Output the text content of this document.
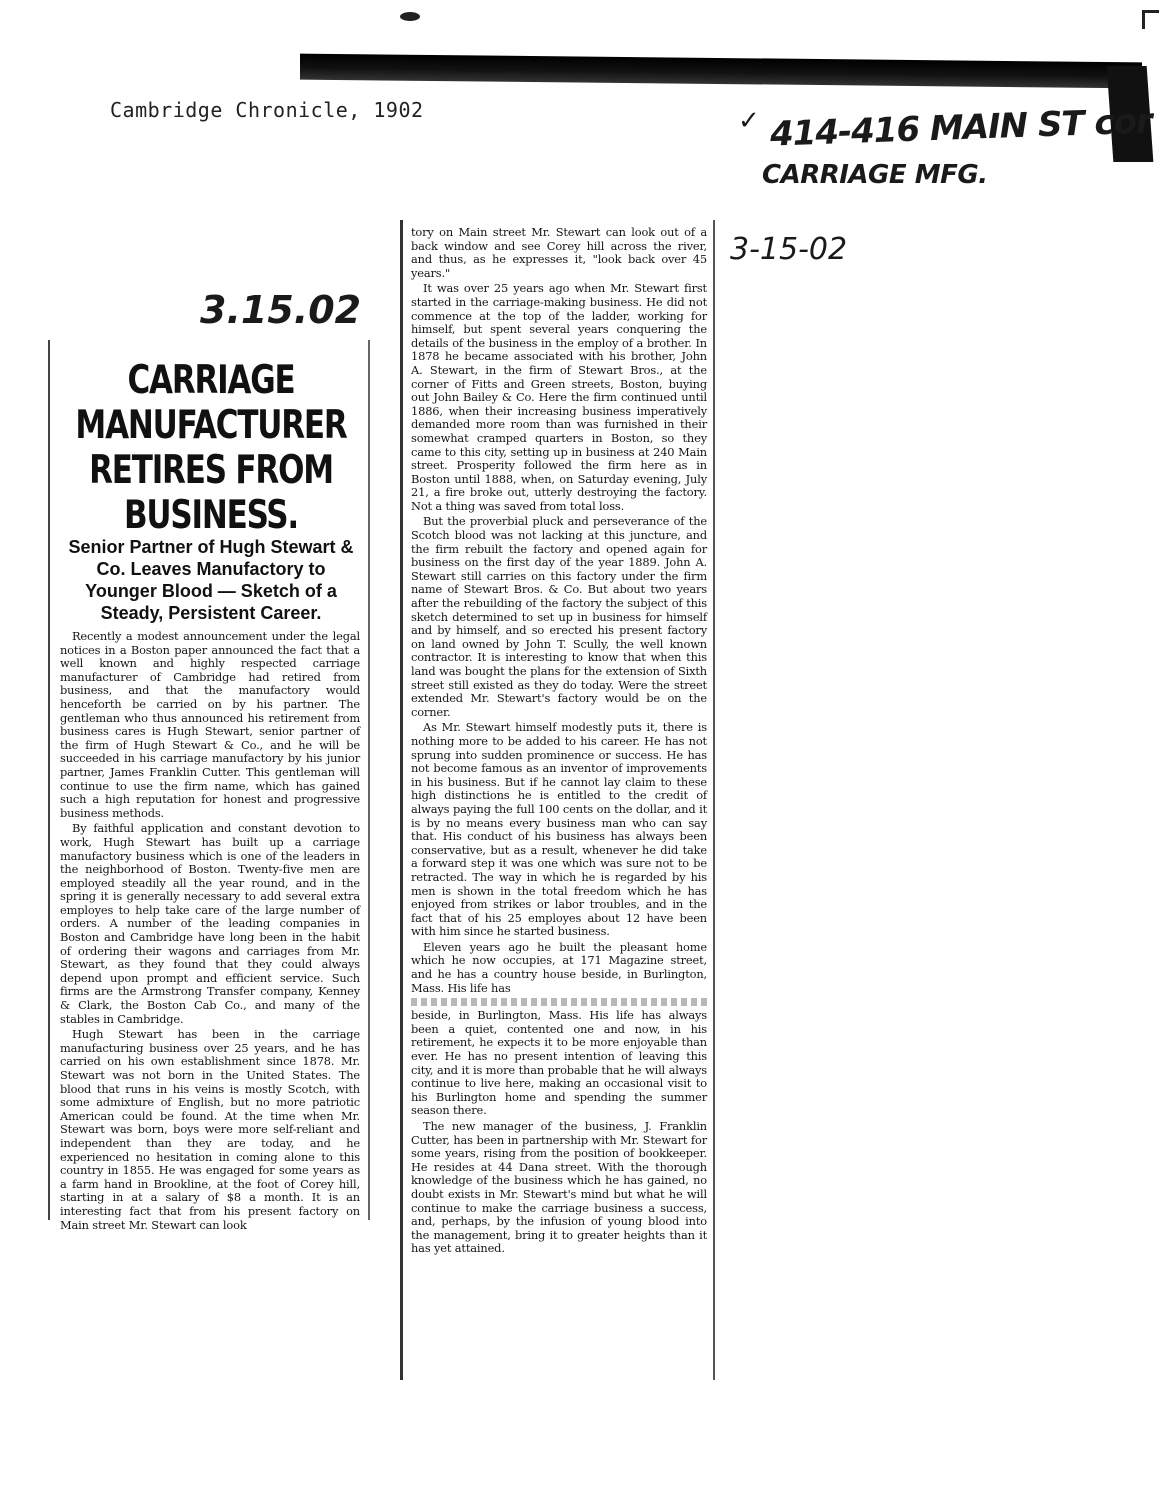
Cambridge Chronicle, 1902	✓ 414-416 MAIN ST cor
CARRIAGE MFG.
3-15-02
3.15.02
CARRIAGE MANUFACTURER RETIRES FROM BUSINESS.
Senior Partner of Hugh Stewart & Co. Leaves Manufactory to Younger Blood — Sketch of a Steady, Persistent Career.

Recently a modest announcement under the legal notices in a Boston paper announced the fact that a well known and highly respected carriage manufacturer of Cambridge had retired from business, and that the manufactory would henceforth be carried on by his partner. The gentleman who thus announced his retirement from business cares is Hugh Stewart, senior partner of the firm of Hugh Stewart & Co., and he will be succeeded in his carriage manufactory by his junior partner, James Franklin Cutter. This gentleman will continue to use the firm name, which has gained such a high reputation for honest and progressive business methods.

By faithful application and constant devotion to work, Hugh Stewart has built up a carriage manufactory business which is one of the leaders in the neighborhood of Boston. Twenty-five men are employed steadily all the year round, and in the spring it is generally necessary to add several extra employes to help take care of the large number of orders. A number of the leading companies in Boston and Cambridge have long been in the habit of ordering their wagons and carriages from Mr. Stewart, as they found that they could always depend upon prompt and efficient service. Such firms are the Armstrong Transfer company, Kenney & Clark, the Boston Cab Co., and many of the stables in Cambridge.

Hugh Stewart has been in the carriage manufacturing business over 25 years, and he has carried on his own establishment since 1878. Mr. Stewart was not born in the United States. The blood that runs in his veins is mostly Scotch, with some admixture of English, but no more patriotic American could be found. At the time when Mr. Stewart was born, boys were more self-reliant and independent than they are today, and he experienced no hesitation in coming alone to this country in 1855. He was engaged for some years as a farm hand in Brookline, at the foot of Corey hill, starting in at a salary of $8 a month. It is an interesting fact that from his present factory on Main street Mr. Stewart can look

tory on Main street Mr. Stewart can look out of a back window and see Corey hill across the river, and thus, as he expresses it, "look back over 45 years."

It was over 25 years ago when Mr. Stewart first started in the carriage-making business. He did not commence at the top of the ladder, working for himself, but spent several years conquering the details of the business in the employ of a brother. In 1878 he became associated with his brother, John A. Stewart, in the firm of Stewart Bros., at the corner of Fitts and Green streets, Boston, buying out John Bailey & Co. Here the firm continued until 1886, when their increasing business imperatively demanded more room than was furnished in their somewhat cramped quarters in Boston, so they came to this city, setting up in business at 240 Main street. Prosperity followed the firm here as in Boston until 1888, when, on Saturday evening, July 21, a fire broke out, utterly destroying the factory. Not a thing was saved from total loss.

But the proverbial pluck and perseverance of the Scotch blood was not lacking at this juncture, and the firm rebuilt the factory and opened again for business on the first day of the year 1889. John A. Stewart still carries on this factory under the firm name of Stewart Bros. & Co. But about two years after the rebuilding of the factory the subject of this sketch determined to set up in business for himself and by himself, and so erected his present factory on land owned by John T. Scully, the well known contractor. It is interesting to know that when this land was bought the plans for the extension of Sixth street still existed as they do today. Were the street extended Mr. Stewart's factory would be on the corner.

As Mr. Stewart himself modestly puts it, there is nothing more to be added to his career. He has not sprung into sudden prominence or success. He has not become famous as an inventor of improvements in his business. But if he cannot lay claim to these high distinctions he is entitled to the credit of always paying the full 100 cents on the dollar, and it is by no means every business man who can say that. His conduct of his business has always been conservative, but as a result, whenever he did take a forward step it was one which was sure not to be retracted. The way in which he is regarded by his men is shown in the total freedom which he has enjoyed from strikes or labor troubles, and in the fact that of his 25 employes about 12 have been with him since he started business.

Eleven years ago he built the pleasant home which he now occupies, at 171 Magazine street, and he has a country house beside, in Burlington, Mass. His life has

beside, in Burlington, Mass. His life has always been a quiet, contented one and now, in his retirement, he expects it to be more enjoyable than ever. He has no present intention of leaving this city, and it is more than probable that he will always continue to live here, making an occasional visit to his Burlington home and spending the summer season there.

The new manager of the business, J. Franklin Cutter, has been in partnership with Mr. Stewart for some years, rising from the position of bookkeeper. He resides at 44 Dana street. With the thorough knowledge of the business which he has gained, no doubt exists in Mr. Stewart's mind but what he will continue to make the carriage business a success, and, perhaps, by the infusion of young blood into the management, bring it to greater heights than it has yet attained.
